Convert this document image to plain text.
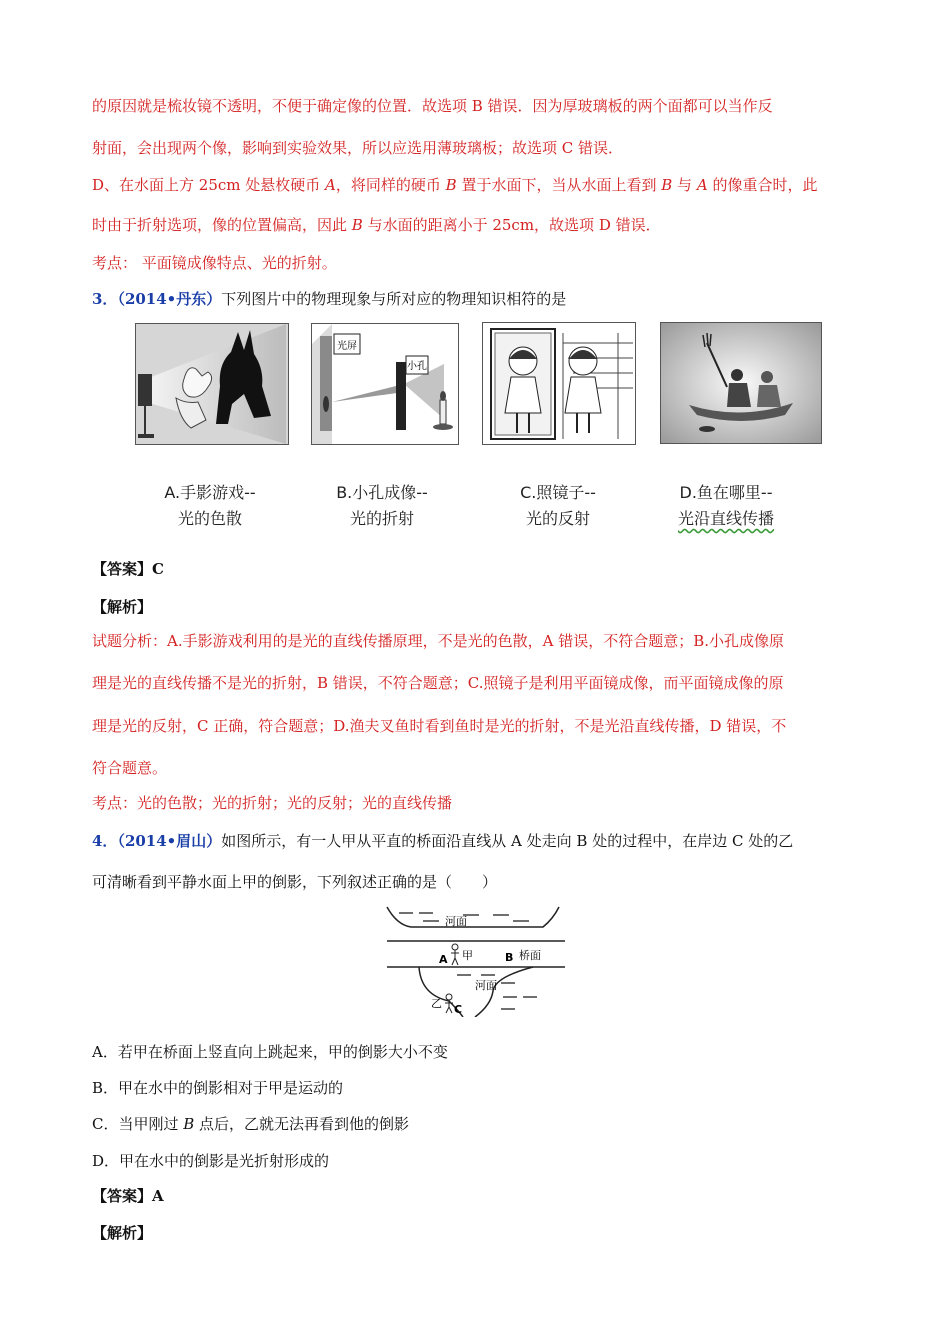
的原因就是梳妆镜不透明，不便于确定像的位置．故选项 B 错误．因为厚玻璃板的两个面都可以当作反
射面，会出现两个像，影响到实验效果，所以应选用薄玻璃板；故选项 C 错误．
D、在水面上方 25cm 处悬枚硬币 A，将同样的硬币 B 置于水面下，当从水面上看到 B 与 A 的像重合时，此
时由于折射选项，像的位置偏高，因此 B 与水面的距离小于 25cm，故选项 D 错误．
考点： 平面镜成像特点、光的折射。
3．（2014•丹东）下列图片中的物理现象与所对应的物理知识相符的是
光屏
小孔
A.手影游戏--
光的色散
B.小孔成像--
光的折射
C.照镜子--
光的反射
D.鱼在哪里--
光沿直线传播
【答案】C
【解析】
试题分析：A.手影游戏利用的是光的直线传播原理，不是光的色散，A 错误，不符合题意；B.小孔成像原
理是光的直线传播不是光的折射，B 错误，不符合题意；C.照镜子是利用平面镜成像，而平面镜成像的原
理是光的反射，C 正确，符合题意；D.渔夫叉鱼时看到鱼时是光的折射，不是光沿直线传播，D 错误，不
符合题意。
考点：光的色散；光的折射；光的反射；光的直线传播
4．（2014•眉山）如图所示，有一人甲从平直的桥面沿直线从 A 处走向 B 处的过程中，在岸边 C 处的乙
可清晰看到平静水面上甲的倒影，下列叙述正确的是（　　）
河面
A 甲	B 桥面
河面
乙 C
A．若甲在桥面上竖直向上跳起来，甲的倒影大小不变
B．甲在水中的倒影相对于甲是运动的
C．当甲刚过 B 点后，乙就无法再看到他的倒影
D．甲在水中的倒影是光折射形成的
【答案】A
【解析】
